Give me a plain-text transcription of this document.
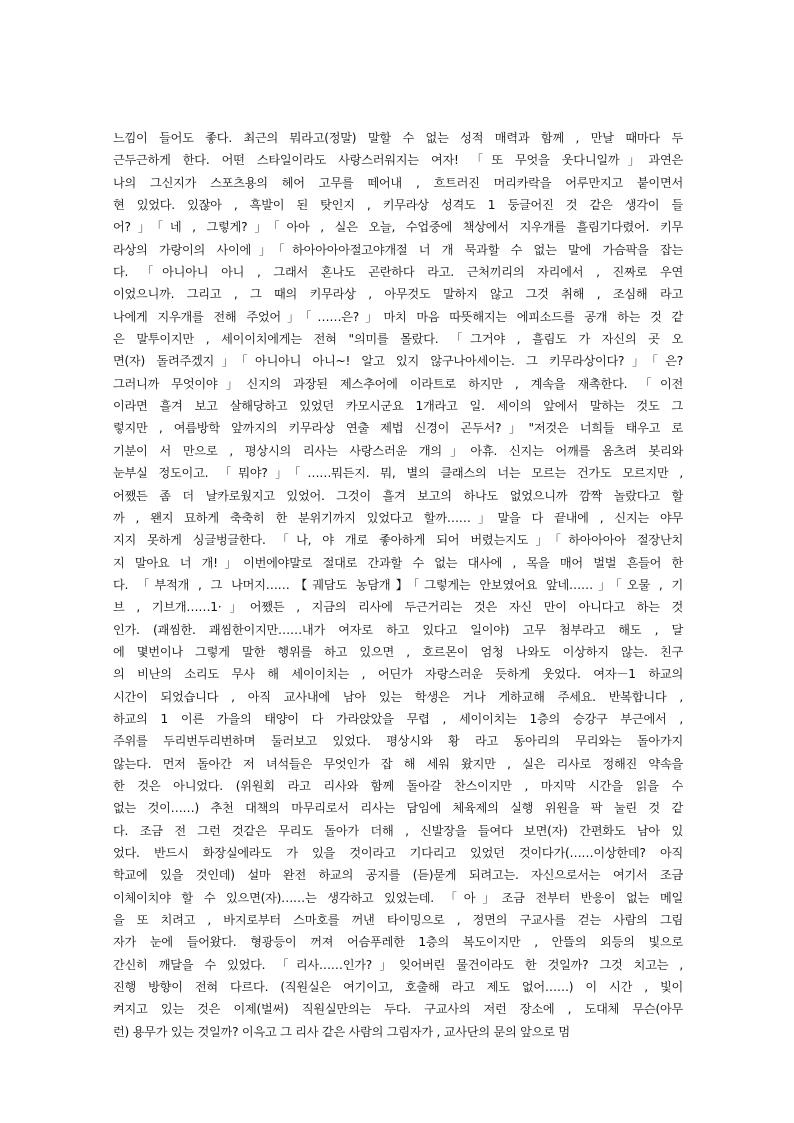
느낌이 들어도 좋다. 최근의 뭐라고(정말) 말할 수 없는 성적 매력과 함께 , 만날 때마다 두
근두근하게 한다. 어떤 스타일이라도 사랑스러워지는 여자! 「또 무엇을 웃다니일까」과연은
나의 그신지가 스포츠용의 헤어 고무를 떼어내 , 흐트러진 머리카락을 어루만지고 붙이면서
현 있었다. 있잖아 , 흑발이 된 탓인지 , 키무라상 성격도 1 둥글어진 것 같은 생각이 들
어?」「네 , 그렇게?」「아아 , 실은 오늘, 수업중에 책상에서 지우개를 흘림기다렸어. 키무
라상의 가랑이의 사이에」「하아아아아절고야개절 너 개 묵과할 수 없는 말에 가슴팍을 잡는
다. 「아니아니 아니 , 그래서 혼나도 곤란하다 라고. 근처끼리의 자리에서 , 진짜로 우연
이었으니까. 그리고 , 그 때의 키무라상 , 아무것도 말하지 않고 그것 취해 , 조심해 라고
나에게 지우개를 전해 주었어」「……은?」마치 마음 따뜻해지는 에피소드를 공개 하는 것 같
은 말투이지만 , 세이이치에게는 전혀 "의미를 몰랐다. 「그거야 , 흘림도 가 자신의 곳 오
면(자) 돌려주겠지」「아니아니 아니~! 알고 있지 않구나아세이는. 그 키무라상이다?」「은?
그러니까 무엇이야」신지의 과장된 제스추어에 이라트로 하지만 , 계속을 재촉한다. 「이전
이라면 흘겨 보고 살해당하고 있었던 카모시군요 1개라고 일. 세이의 앞에서 말하는 것도 그
렇지만 , 여름방학 앞까지의 키무라상 연출 제법 신경이 곤두서?」"저것은 너희들 태우고 로
기분이 서 만으로 , 평상시의 리사는 사랑스러운 개의」아휴. 신지는 어깨를 움츠려 봇리와
눈부실 정도이고. 「뭐야?」「……뭐든지. 뭐, 별의 클래스의 너는 모르는 건가도 모르지만 ,
어쨌든 좀 더 날카로웠지고 있었어. 그것이 흘겨 보고의 하나도 없었으니까 깜짝 놀랐다고 할
까 , 왠지 묘하게 축축히 한 분위기까지 있었다고 할까……」말을 다 끝내에 , 신지는 야무
지지 못하게 싱글벙글한다. 「나, 야 개로 좋아하게 되어 버렸는지도」「하아아아아 절장난치
지 말아요 너 개!」이번에야말로 절대로 간과할 수 없는 대사에 , 목을 매어 벌벌 흔들어 한
다. 「부적개 , 그 나머지……【궤담도 농담개】「그렇게는 안보였어요 앞네……」「오물 , 기
브 , 기브개……1·」어쨌든 , 지금의 리사에 두근거리는 것은 자신 만이 아니다고 하는 것
인가. (괘씸한. 괘씸한이지만……내가 여자로 하고 있다고 일이야) 고무 첨부라고 해도 , 달
에 몇번이나 그렇게 말한 행위를 하고 있으면 , 호르몬이 엄청 나와도 이상하지 않는. 친구
의 비난의 소리도 무사 해 세이이치는 , 어딘가 자랑스러운 듯하게 웃었다. 여자－1 하교의
시간이 되었습니다 , 아직 교사내에 남아 있는 학생은 거나 게하교해 주세요. 반복합니다 ,
하교의 1 이른 가을의 태양이 다 가라앉았을 무렵 , 세이이치는 1층의 승강구 부근에서 ,
주위를 두리번두리번하며 둘러보고 있었다. 평상시와 황 라고 동아리의 무리와는 돌아가지
않는다. 먼저 돌아간 저 녀석들은 무엇인가 잡 해 세워 왔지만 , 실은 리사로 정해진 약속을
한 것은 아니었다. (위원회 라고 리사와 함께 돌아갈 찬스이지만 , 마지막 시간을 읽을 수
없는 것이……) 추천 대책의 마무리로서 리사는 담임에 체육제의 실행 위원을 팍 눌린 것 같
다. 조금 전 그런 것같은 무리도 돌아가 더해 , 신발장을 들여다 보면(자) 간편화도 남아 있
었다. 반드시 화장실에라도 가 있을 것이라고 기다리고 있었던 것이다가(……이상한데? 아직
학교에 있을 것인데) 설마 완전 하교의 공지를 (듣)묻게 되려고는. 자신으로서는 여기서 조금
이체이치야 할 수 있으면(자)……는 생각하고 있었는데. 「아」조금 전부터 반응이 없는 메일
을 또 치려고 , 바지로부터 스마호를 꺼낸 타이밍으로 , 정면의 구교사를 걷는 사람의 그림
자가 눈에 들어왔다. 형광등이 꺼져 어슴푸레한 1층의 복도이지만 , 안뜰의 외등의 빛으로
간신히 깨달을 수 있었다. 「리사……인가?」잊어버린 물건이라도 한 것일까? 그것 치고는 ,
진행 방향이 전혀 다르다. (직원실은 여기이고, 호출해 라고 제도 없어……) 이 시간 , 빛이
켜지고 있는 것은 이제(벌써) 직원실만의는 두다. 구교사의 저런 장소에 , 도대체 무슨(아무
런) 용무가 있는 것일까? 이윽고 그 리사 같은 사람의 그림자가 , 교사단의 문의 앞으로 멈
